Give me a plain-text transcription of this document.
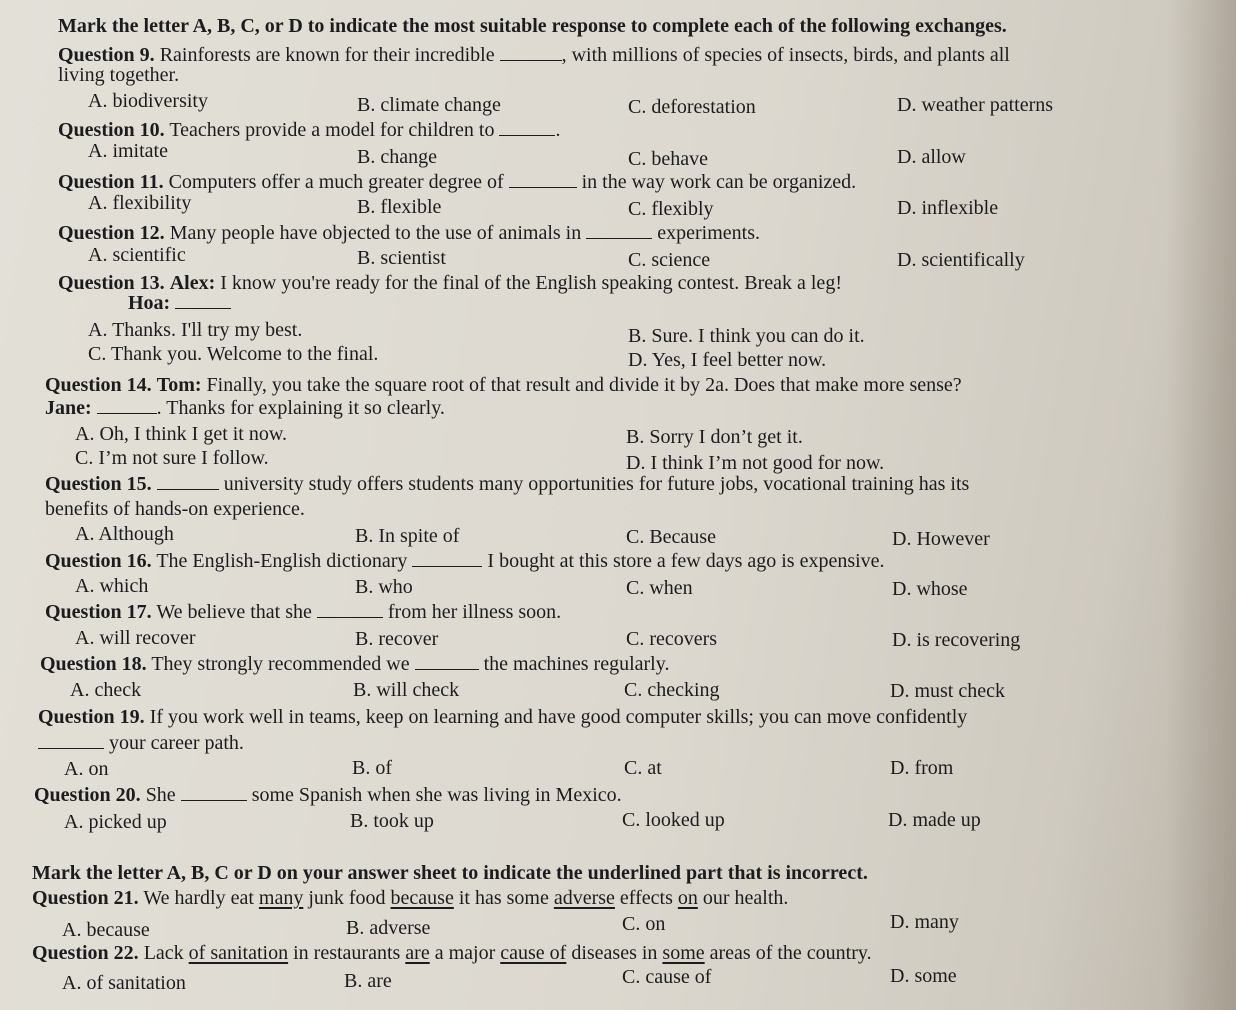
Mark the letter A, B, C, or D to indicate the most suitable response to complete each of the following exchanges.
Question 9. Rainforests are known for their incredible	, with millions of species of insects, birds, and plants all
living together.
A. biodiversity	B. climate change	C. deforestation	D. weather patterns
Question 10. Teachers provide a model for children to	.
A. imitate	B. change	C. behave	D. allow
Question 11. Computers offer a much greater degree of	in the way work can be organized.
A. flexibility	B. flexible	C. flexibly	D. inflexible
Question 12. Many people have objected to the use of animals in	experiments.
A. scientific	B. scientist	C. science	D. scientifically
Question 13. Alex: I know you're ready for the final of the English speaking contest. Break a leg!
Hoa:
A. Thanks. I'll try my best.	B. Sure. I think you can do it.
C. Thank you. Welcome to the final.	D. Yes, I feel better now.
Question 14. Tom: Finally, you take the square root of that result and divide it by 2a. Does that make more sense?
Jane:	. Thanks for explaining it so clearly.
A. Oh, I think I get it now.	B. Sorry I don’t get it.
C. I’m not sure I follow.	D. I think I’m not good for now.
Question 15.	university study offers students many opportunities for future jobs, vocational training has its
benefits of hands-on experience.
A. Although	B. In spite of	C. Because	D. However
Question 16. The English-English dictionary	I bought at this store a few days ago is expensive.
A. which	B. who	C. when	D. whose
Question 17. We believe that she	from her illness soon.
A. will recover	B. recover	C. recovers	D. is recovering
Question 18. They strongly recommended we	the machines regularly.
A. check	B. will check	C. checking	D. must check
Question 19. If you work well in teams, keep on learning and have good computer skills; you can move confidently
your career path.
A. on	B. of	C. at	D. from
Question 20. She	some Spanish when she was living in Mexico.
A. picked up	B. took up	C. looked up	D. made up
Mark the letter A, B, C or D on your answer sheet to indicate the underlined part that is incorrect.
Question 21. We hardly eat many junk food because it has some adverse effects on our health.
A. because	B. adverse	C. on	D. many
Question 22. Lack of sanitation in restaurants are a major cause of diseases in some areas of the country.
A. of sanitation	B. are	C. cause of	D. some
